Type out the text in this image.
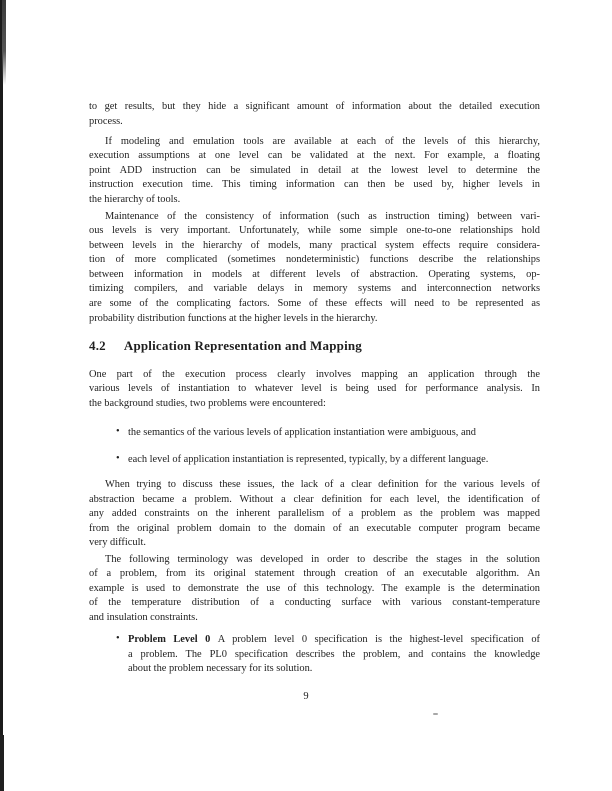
to get results, but they hide a significant amount of information about the detailed execution
process.
If modeling and emulation tools are available at each of the levels of this hierarchy,
execution assumptions at one level can be validated at the next. For example, a floating
point ADD instruction can be simulated in detail at the lowest level to determine the
instruction execution time. This timing information can then be used by, higher levels in
the hierarchy of tools.
Maintenance of the consistency of information (such as instruction timing) between vari-
ous levels is very important. Unfortunately, while some simple one-to-one relationships hold
between levels in the hierarchy of models, many practical system effects require considera-
tion of more complicated (sometimes nondeterministic) functions describe the relationships
between information in models at different levels of abstraction. Operating systems, op-
timizing compilers, and variable delays in memory systems and interconnection networks
are some of the complicating factors. Some of these effects will need to be represented as
probability distribution functions at the higher levels in the hierarchy.
4.2 Application Representation and Mapping
One part of the execution process clearly involves mapping an application through the
various levels of instantiation to whatever level is being used for performance analysis. In
the background studies, two problems were encountered:
• the semantics of the various levels of application instantiation were ambiguous, and
• each level of application instantiation is represented, typically, by a different language.
When trying to discuss these issues, the lack of a clear definition for the various levels of
abstraction became a problem. Without a clear definition for each level, the identification of
any added constraints on the inherent parallelism of a problem as the problem was mapped
from the original problem domain to the domain of an executable computer program became
very difficult.
The following terminology was developed in order to describe the stages in the solution
of a problem, from its original statement through creation of an executable algorithm. An
example is used to demonstrate the use of this technology. The example is the determination
of the temperature distribution of a conducting surface with various constant-temperature
and insulation constraints.
• Problem Level 0 A problem level 0 specification is the highest-level specification of
a problem. The PL0 specification describes the problem, and contains the knowledge
about the problem necessary for its solution.
9
